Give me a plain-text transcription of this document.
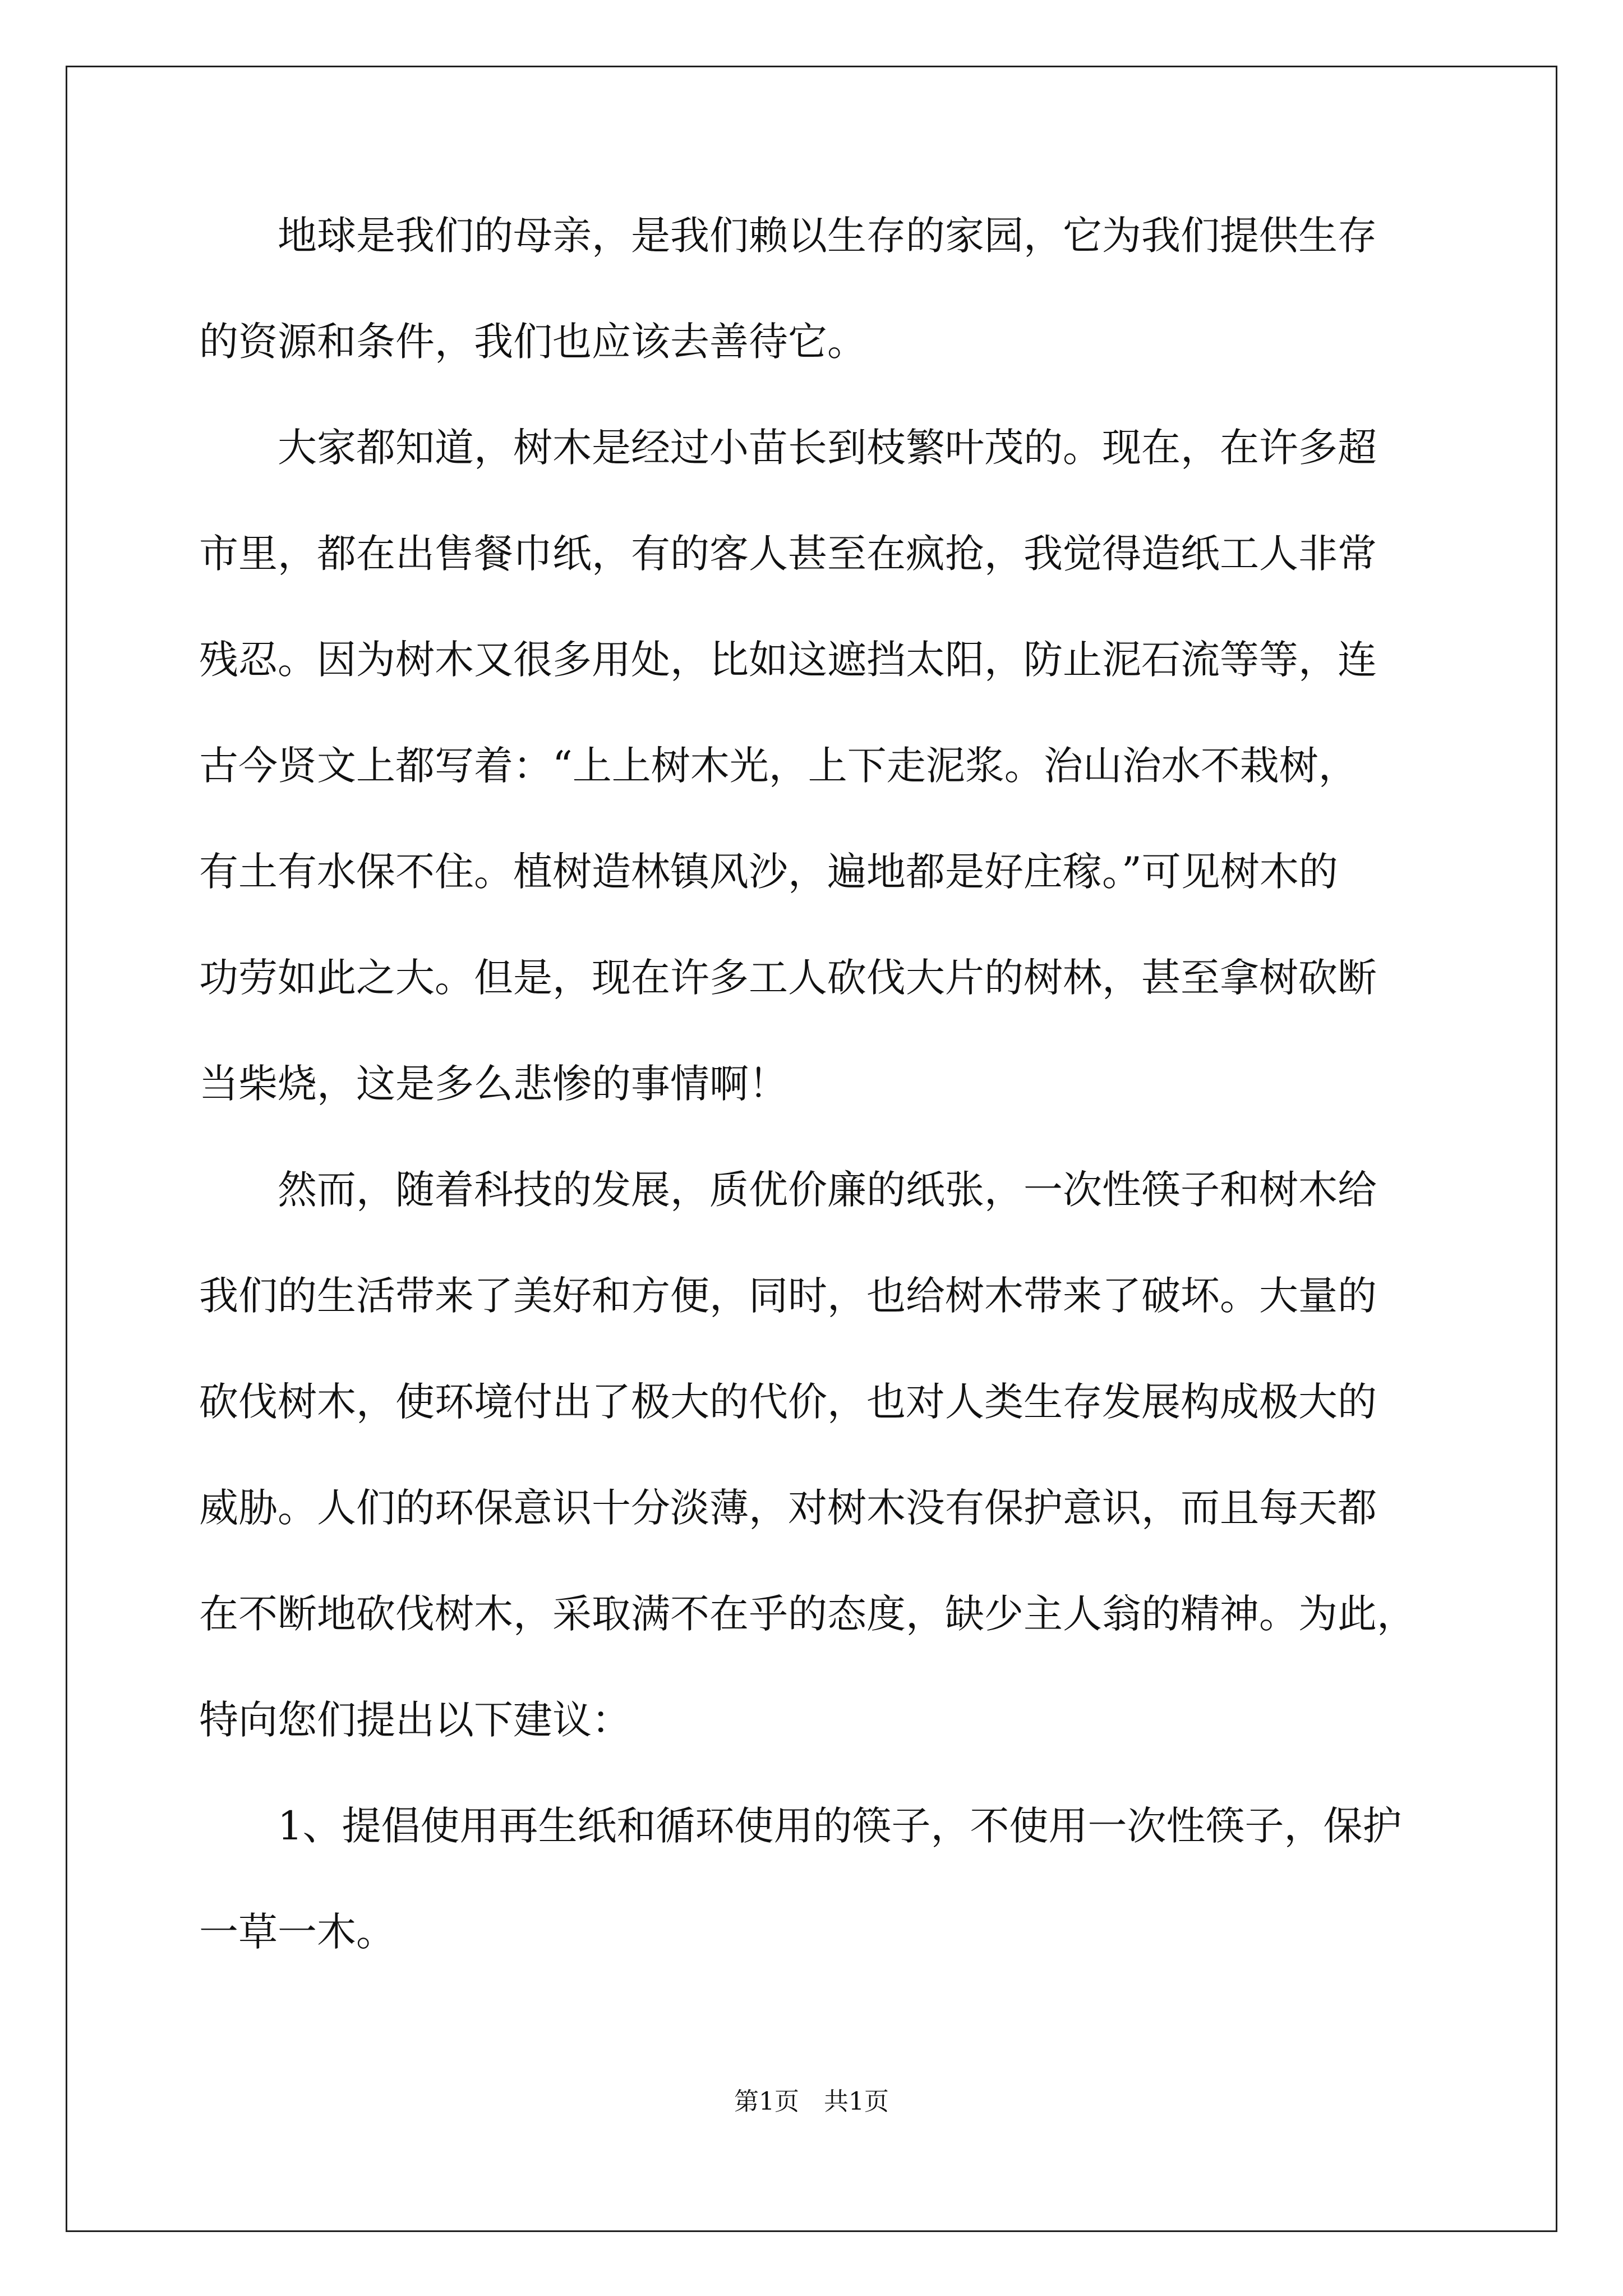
　　地球是我们的母亲，是我们赖以生存的家园，它为我们提供生存
的资源和条件，我们也应该去善待它。
　　大家都知道，树木是经过小苗长到枝繁叶茂的。现在，在许多超
市里，都在出售餐巾纸，有的客人甚至在疯抢，我觉得造纸工人非常
残忍。因为树木又很多用处，比如这遮挡太阳，防止泥石流等等，连
古今贤文上都写着：“上上树木光，上下走泥浆。治山治水不栽树，
有土有水保不住。植树造林镇风沙，遍地都是好庄稼。”可见树木的
功劳如此之大。但是，现在许多工人砍伐大片的树林，甚至拿树砍断
当柴烧，这是多么悲惨的事情啊！
　　然而，随着科技的发展，质优价廉的纸张，一次性筷子和树木给
我们的生活带来了美好和方便，同时，也给树木带来了破坏。大量的
砍伐树木，使环境付出了极大的代价，也对人类生存发展构成极大的
威胁。人们的环保意识十分淡薄，对树木没有保护意识，而且每天都
在不断地砍伐树木，采取满不在乎的态度，缺少主人翁的精神。为此，
特向您们提出以下建议：
　　1、提倡使用再生纸和循环使用的筷子，不使用一次性筷子，保护
一草一木。
第1页　共1页
